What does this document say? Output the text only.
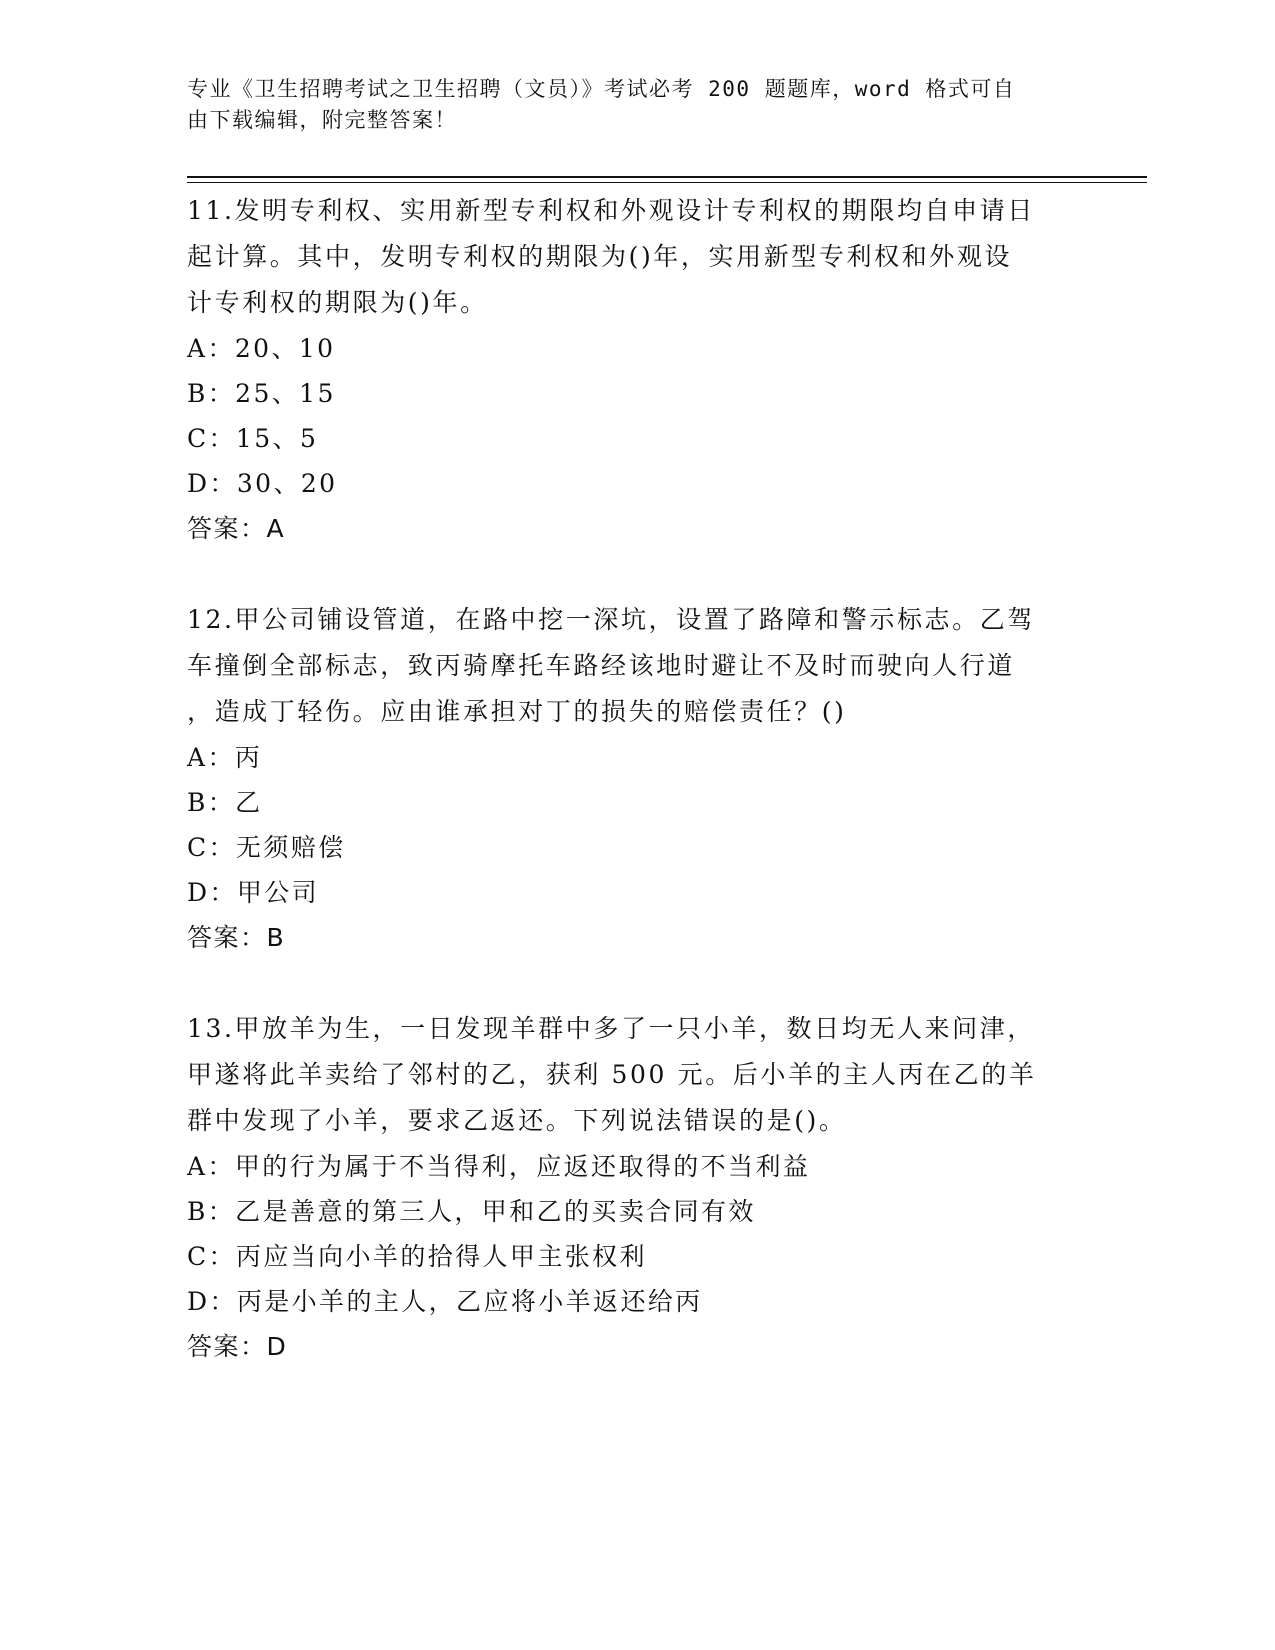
专业《卫生招聘考试之卫生招聘（文员）》考试必考 200 题题库，word 格式可自
由下载编辑，附完整答案！
11.发明专利权、实用新型专利权和外观设计专利权的期限均自申请日
起计算。其中，发明专利权的期限为()年，实用新型专利权和外观设
计专利权的期限为()年。
A：20、10
B：25、15
C：15、5
D：30、20
答案：A
12.甲公司铺设管道，在路中挖一深坑，设置了路障和警示标志。乙驾
车撞倒全部标志，致丙骑摩托车路经该地时避让不及时而驶向人行道
，造成丁轻伤。应由谁承担对丁的损失的赔偿责任？()
A：丙
B：乙
C：无须赔偿
D：甲公司
答案：B
13.甲放羊为生，一日发现羊群中多了一只小羊，数日均无人来问津，
甲遂将此羊卖给了邻村的乙，获利 500 元。后小羊的主人丙在乙的羊
群中发现了小羊，要求乙返还。下列说法错误的是()。
A：甲的行为属于不当得利，应返还取得的不当利益
B：乙是善意的第三人，甲和乙的买卖合同有效
C：丙应当向小羊的拾得人甲主张权利
D：丙是小羊的主人，乙应将小羊返还给丙
答案：D
